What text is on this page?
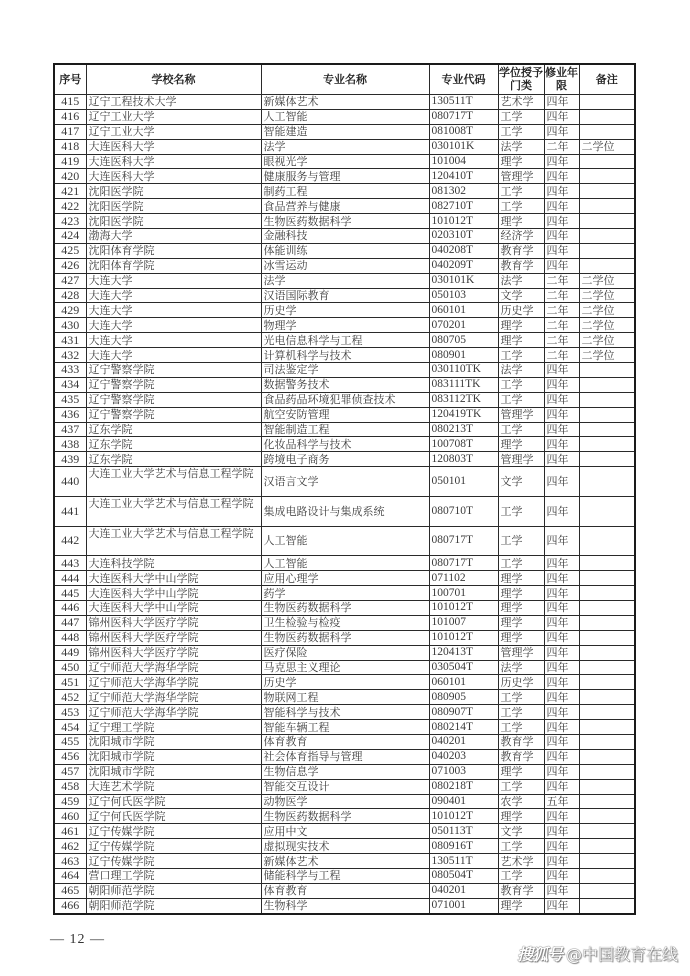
序号	学校名称	专业名称	专业代码	学位授予门类	修业年限	备注
415	辽宁工程技术大学	新媒体艺术	130511T	艺术学	四年	
416	辽宁工业大学	人工智能	080717T	工学	四年	
417	辽宁工业大学	智能建造	081008T	工学	四年	
418	大连医科大学	法学	030101K	法学	二年	二学位
419	大连医科大学	眼视光学	101004	理学	四年	
420	大连医科大学	健康服务与管理	120410T	管理学	四年	
421	沈阳医学院	制药工程	081302	工学	四年	
422	沈阳医学院	食品营养与健康	082710T	工学	四年	
423	沈阳医学院	生物医药数据科学	101012T	理学	四年	
424	渤海大学	金融科技	020310T	经济学	四年	
425	沈阳体育学院	体能训练	040208T	教育学	四年	
426	沈阳体育学院	冰雪运动	040209T	教育学	四年	
427	大连大学	法学	030101K	法学	二年	二学位
428	大连大学	汉语国际教育	050103	文学	二年	二学位
429	大连大学	历史学	060101	历史学	二年	二学位
430	大连大学	物理学	070201	理学	二年	二学位
431	大连大学	光电信息科学与工程	080705	理学	二年	二学位
432	大连大学	计算机科学与技术	080901	工学	二年	二学位
433	辽宁警察学院	司法鉴定学	030110TK	法学	四年	
434	辽宁警察学院	数据警务技术	083111TK	工学	四年	
435	辽宁警察学院	食品药品环境犯罪侦查技术	083112TK	工学	四年	
436	辽宁警察学院	航空安防管理	120419TK	管理学	四年	
437	辽东学院	智能制造工程	080213T	工学	四年	
438	辽东学院	化妆品科学与技术	100708T	理学	四年	
439	辽东学院	跨境电子商务	120803T	管理学	四年	
440	大连工业大学艺术与信息工程学院	汉语言文学	050101	文学	四年	
441	大连工业大学艺术与信息工程学院	集成电路设计与集成系统	080710T	工学	四年	
442	大连工业大学艺术与信息工程学院	人工智能	080717T	工学	四年	
443	大连科技学院	人工智能	080717T	工学	四年	
444	大连医科大学中山学院	应用心理学	071102	理学	四年	
445	大连医科大学中山学院	药学	100701	理学	四年	
446	大连医科大学中山学院	生物医药数据科学	101012T	理学	四年	
447	锦州医科大学医疗学院	卫生检验与检疫	101007	理学	四年	
448	锦州医科大学医疗学院	生物医药数据科学	101012T	理学	四年	
449	锦州医科大学医疗学院	医疗保险	120413T	管理学	四年	
450	辽宁师范大学海华学院	马克思主义理论	030504T	法学	四年	
451	辽宁师范大学海华学院	历史学	060101	历史学	四年	
452	辽宁师范大学海华学院	物联网工程	080905	工学	四年	
453	辽宁师范大学海华学院	智能科学与技术	080907T	工学	四年	
454	辽宁理工学院	智能车辆工程	080214T	工学	四年	
455	沈阳城市学院	体育教育	040201	教育学	四年	
456	沈阳城市学院	社会体育指导与管理	040203	教育学	四年	
457	沈阳城市学院	生物信息学	071003	理学	四年	
458	大连艺术学院	智能交互设计	080218T	工学	四年	
459	辽宁何氏医学院	动物医学	090401	农学	五年	
460	辽宁何氏医学院	生物医药数据科学	101012T	理学	四年	
461	辽宁传媒学院	应用中文	050113T	文学	四年	
462	辽宁传媒学院	虚拟现实技术	080916T	工学	四年	
463	辽宁传媒学院	新媒体艺术	130511T	艺术学	四年	
464	营口理工学院	储能科学与工程	080504T	工学	四年	
465	朝阳师范学院	体育教育	040201	教育学	四年	
466	朝阳师范学院	生物科学	071001	理学	四年	
— 12 —
搜狐号 @中国教育在线
